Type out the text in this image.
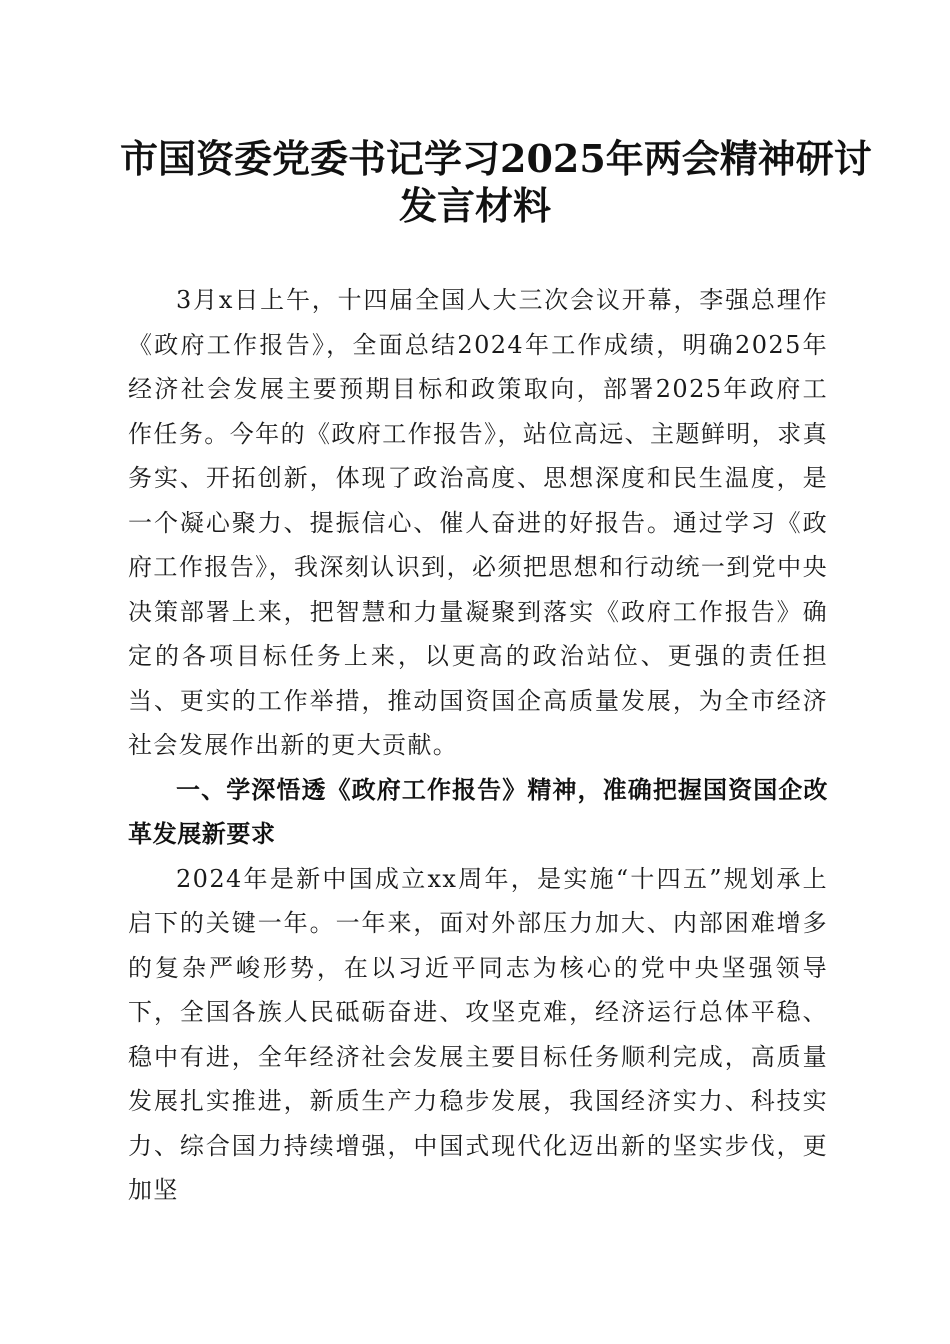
市国资委党委书记学习2025年两会精神研讨
发言材料

3月x日上午，十四届全国人大三次会议开幕，李强总理作《政府工作报告》，全面总结2024年工作成绩，明确2025年经济社会发展主要预期目标和政策取向，部署2025年政府工作任务。今年的《政府工作报告》，站位高远、主题鲜明，求真务实、开拓创新，体现了政治高度、思想深度和民生温度，是一个凝心聚力、提振信心、催人奋进的好报告。通过学习《政府工作报告》，我深刻认识到，必须把思想和行动统一到党中央决策部署上来，把智慧和力量凝聚到落实《政府工作报告》确定的各项目标任务上来，以更高的政治站位、更强的责任担当、更实的工作举措，推动国资国企高质量发展，为全市经济社会发展作出新的更大贡献。

一、学深悟透《政府工作报告》精神，准确把握国资国企改革发展新要求

2024年是新中国成立xx周年，是实施“十四五”规划承上启下的关键一年。一年来，面对外部压力加大、内部困难增多的复杂严峻形势，在以习近平同志为核心的党中央坚强领导下，全国各族人民砥砺奋进、攻坚克难，经济运行总体平稳、稳中有进，全年经济社会发展主要目标任务顺利完成，高质量发展扎实推进，新质生产力稳步发展，我国经济实力、科技实力、综合国力持续增强，中国式现代化迈出新的坚实步伐，更加坚
